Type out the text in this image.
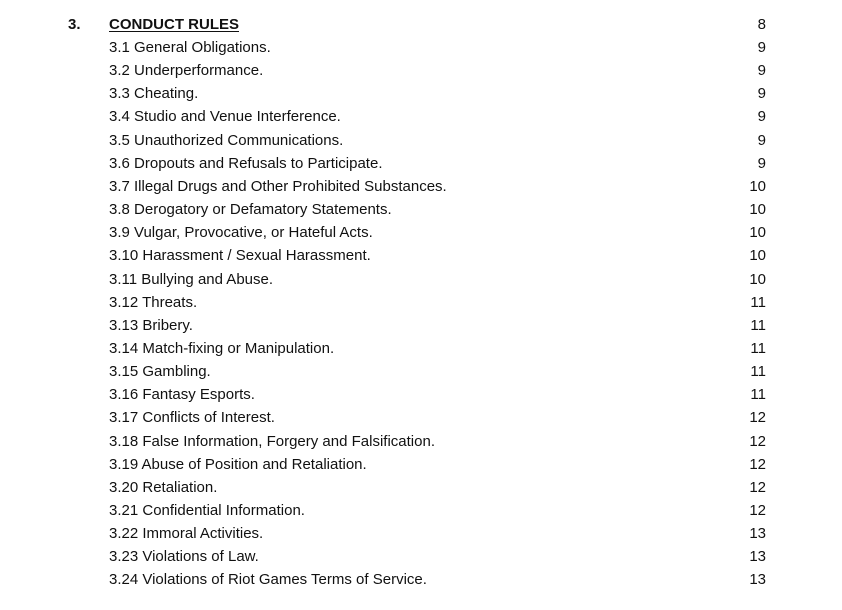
3. CONDUCT RULES	8
3.1 General Obligations.	9
3.2 Underperformance.	9
3.3 Cheating.	9
3.4 Studio and Venue Interference.	9
3.5 Unauthorized Communications.	9
3.6 Dropouts and Refusals to Participate.	9
3.7 Illegal Drugs and Other Prohibited Substances.	10
3.8 Derogatory or Defamatory Statements.	10
3.9 Vulgar, Provocative, or Hateful Acts.	10
3.10 Harassment / Sexual Harassment.	10
3.11 Bullying and Abuse.	10
3.12 Threats.	11
3.13 Bribery.	11
3.14 Match-fixing or Manipulation.	11
3.15 Gambling.	11
3.16 Fantasy Esports.	11
3.17 Conflicts of Interest.	12
3.18 False Information, Forgery and Falsification.	12
3.19 Abuse of Position and Retaliation.	12
3.20 Retaliation.	12
3.21 Confidential Information.	12
3.22 Immoral Activities.	13
3.23 Violations of Law.	13
3.24 Violations of Riot Games Terms of Service.	13
